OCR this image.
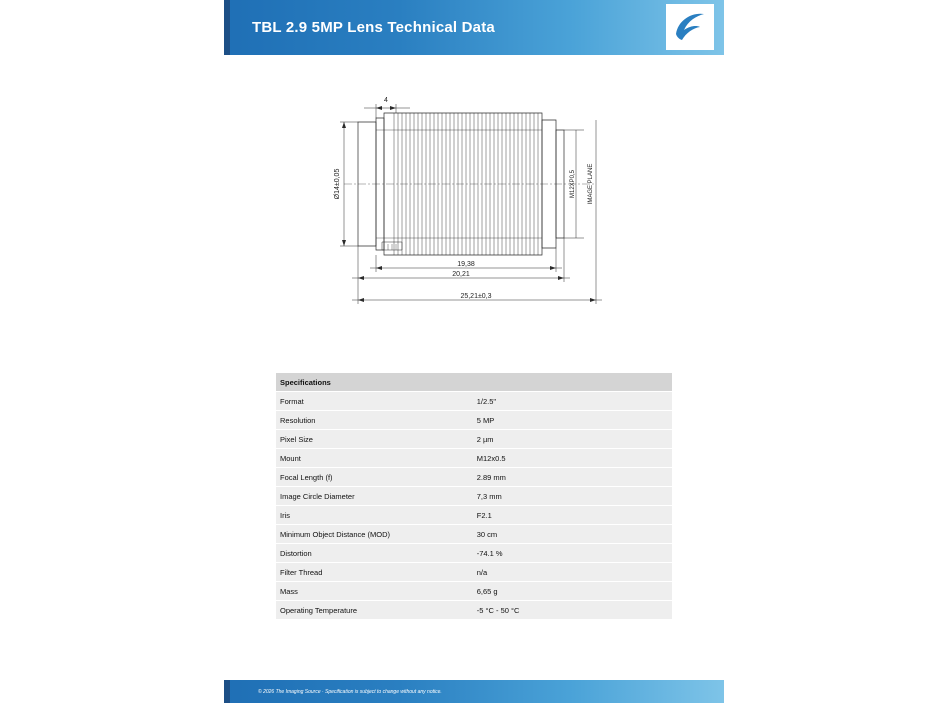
TBL 2.9 5MP Lens Technical Data
4
Ø14±0,05	M12XP0,5 IMAGE PLANE
19,38
20,21
25,21±0,3
Specifications	
Format	1/2.5"
Resolution	5 MP
Pixel Size	2 µm
Mount	M12x0.5
Focal Length (f)	2.89 mm
Image Circle Diameter	7,3 mm
Iris	F2.1
Minimum Object Distance (MOD)	30 cm
Distortion	-74.1 %
Filter Thread	n/a
Mass	6,65 g
Operating Temperature	-5 °C - 50 °C
© 2026 The Imaging Source · Specification is subject to change without any notice.
